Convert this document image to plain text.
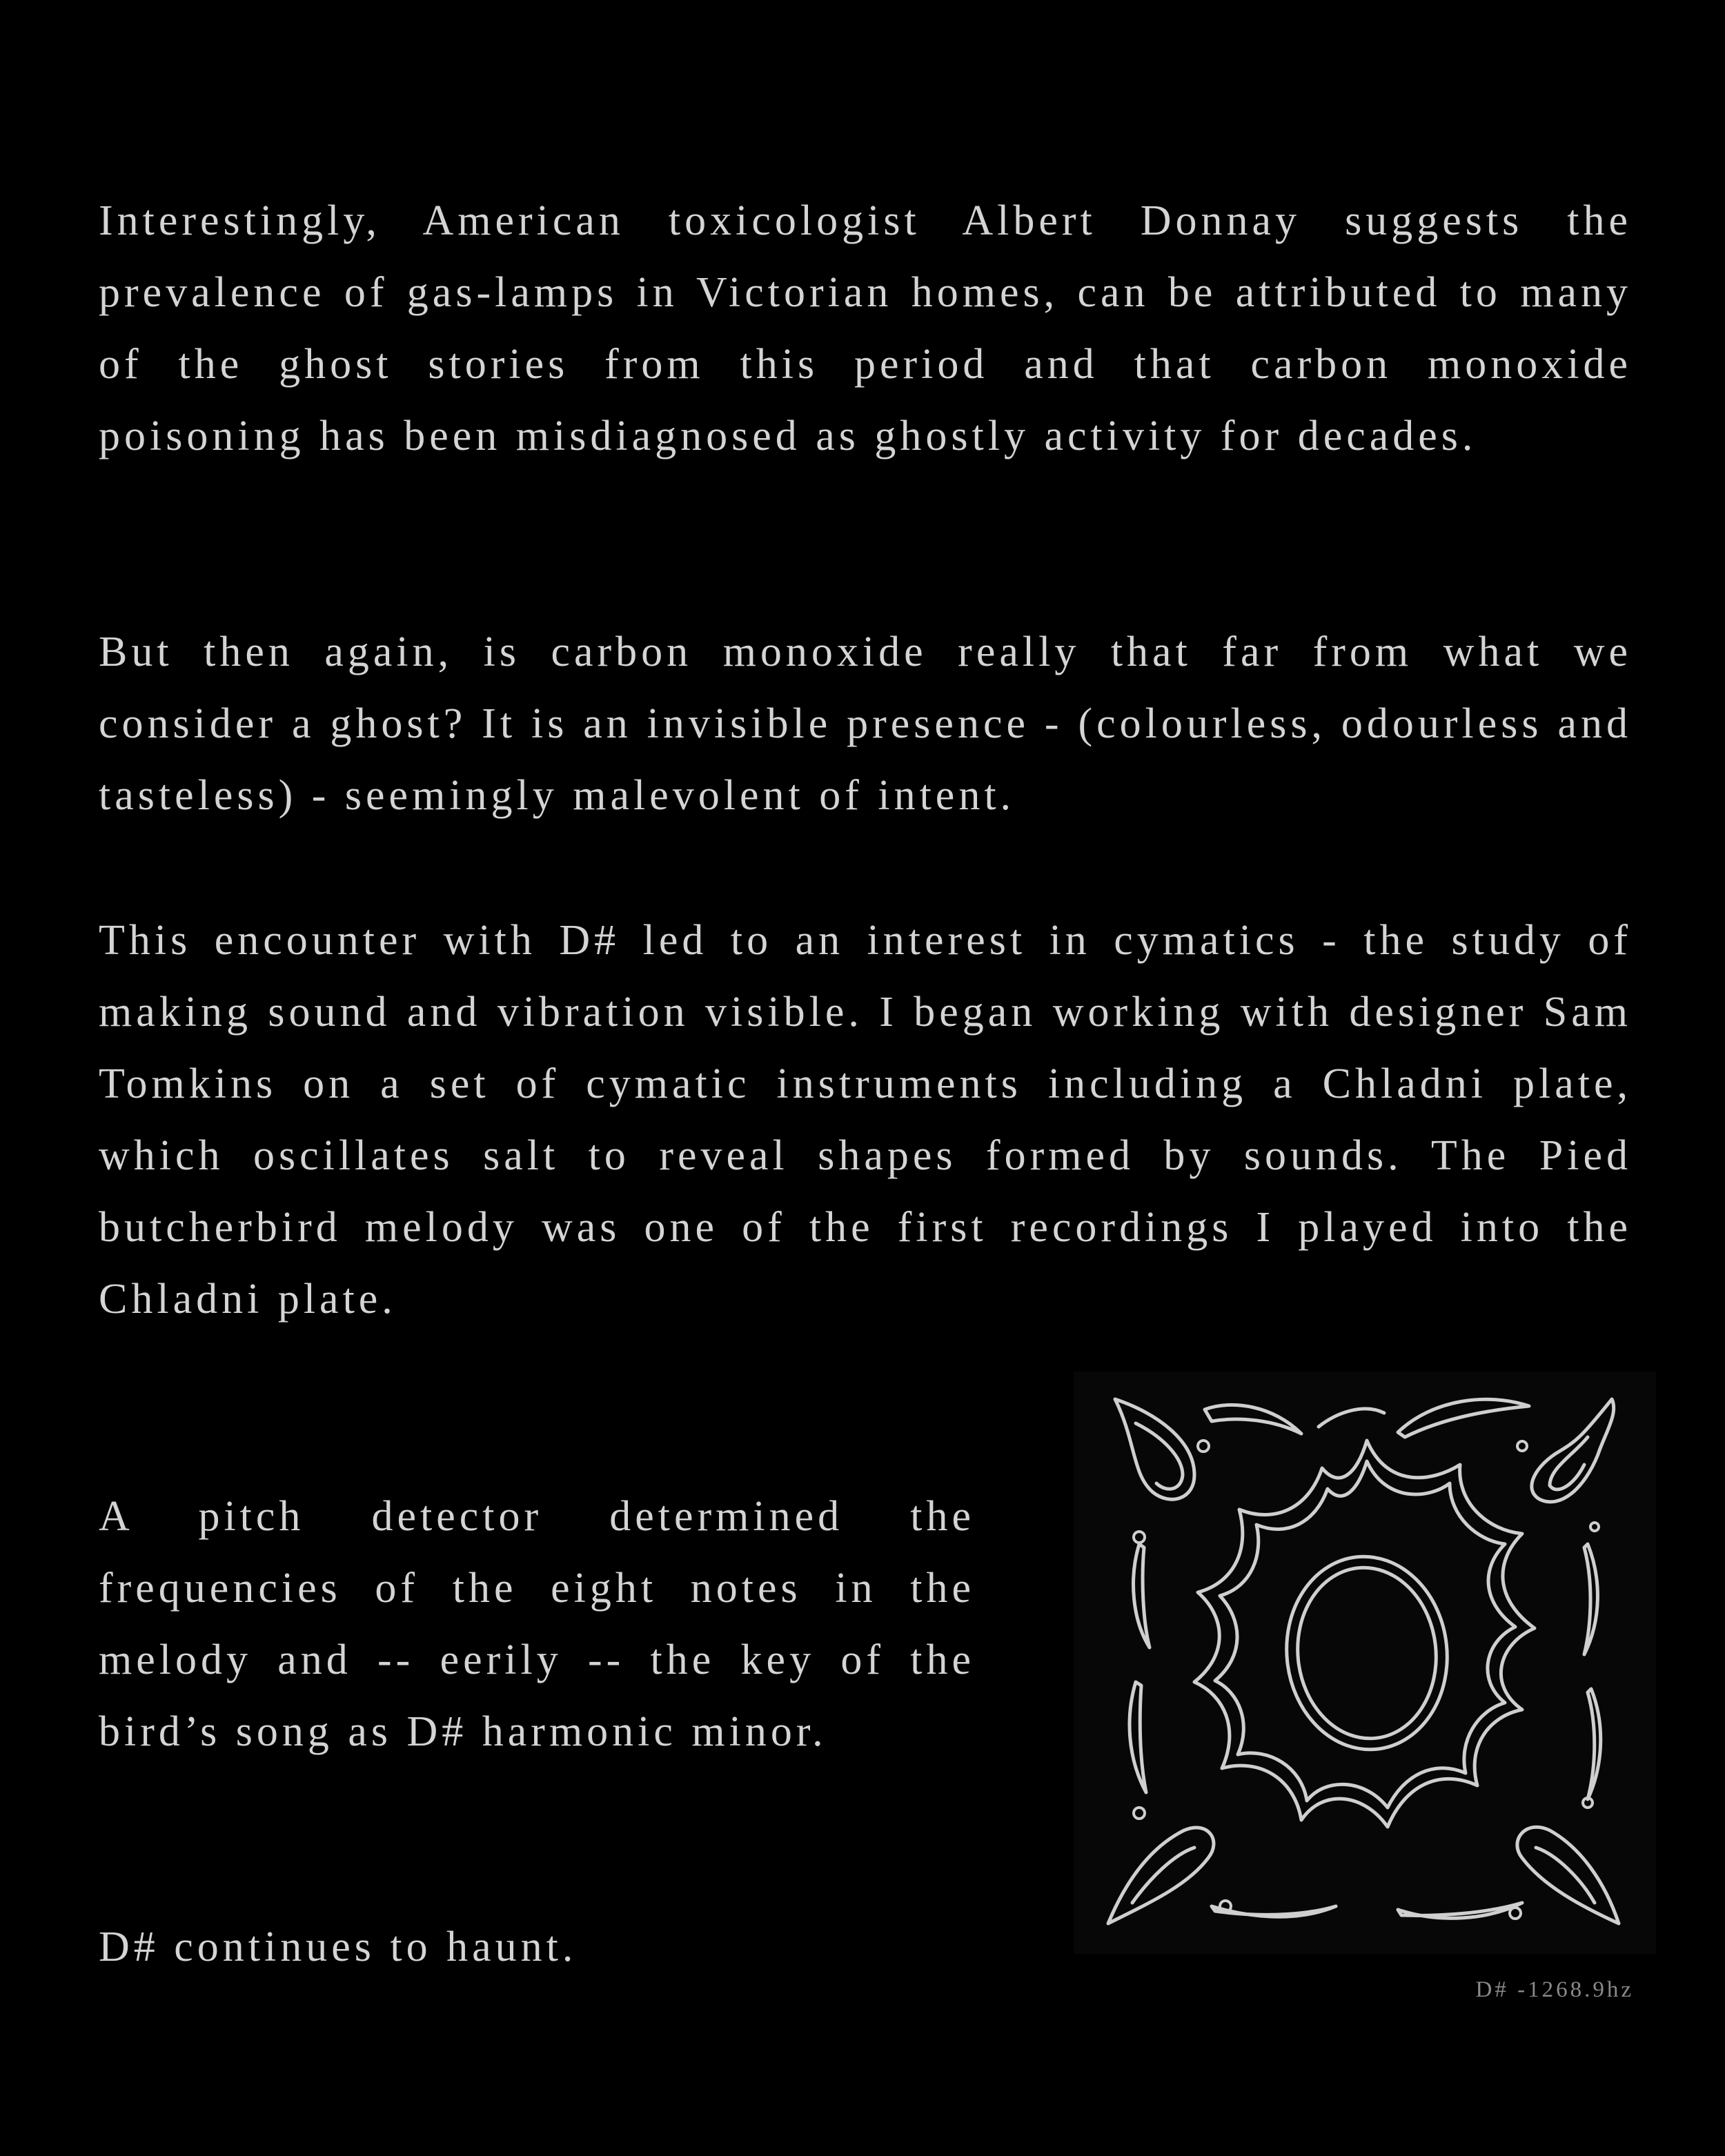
Interestingly, American toxicologist Albert Donnay suggests the prevalence of gas-lamps in Victorian homes, can be attributed to many of the ghost stories from this period and that carbon monoxide poisoning has been misdiagnosed as ghostly activity for decades.

But then again, is carbon monoxide really that far from what we consider a ghost? It is an invisible presence - (colourless, odourless and tasteless) - seemingly malevolent of intent.

This encounter with D# led to an interest in cymatics - the study of making sound and vibration visible. I began working with designer Sam Tomkins on a set of cymatic instruments including a Chladni plate, which oscillates salt to reveal shapes formed by sounds. The Pied butcherbird melody was one of the first recordings I played into the Chladni plate.

A pitch detector determined the frequencies of the eight notes in the melody and -- eerily -- the key of the bird’s song as D# harmonic minor.

D# continues to haunt.

D# -1268.9hz
